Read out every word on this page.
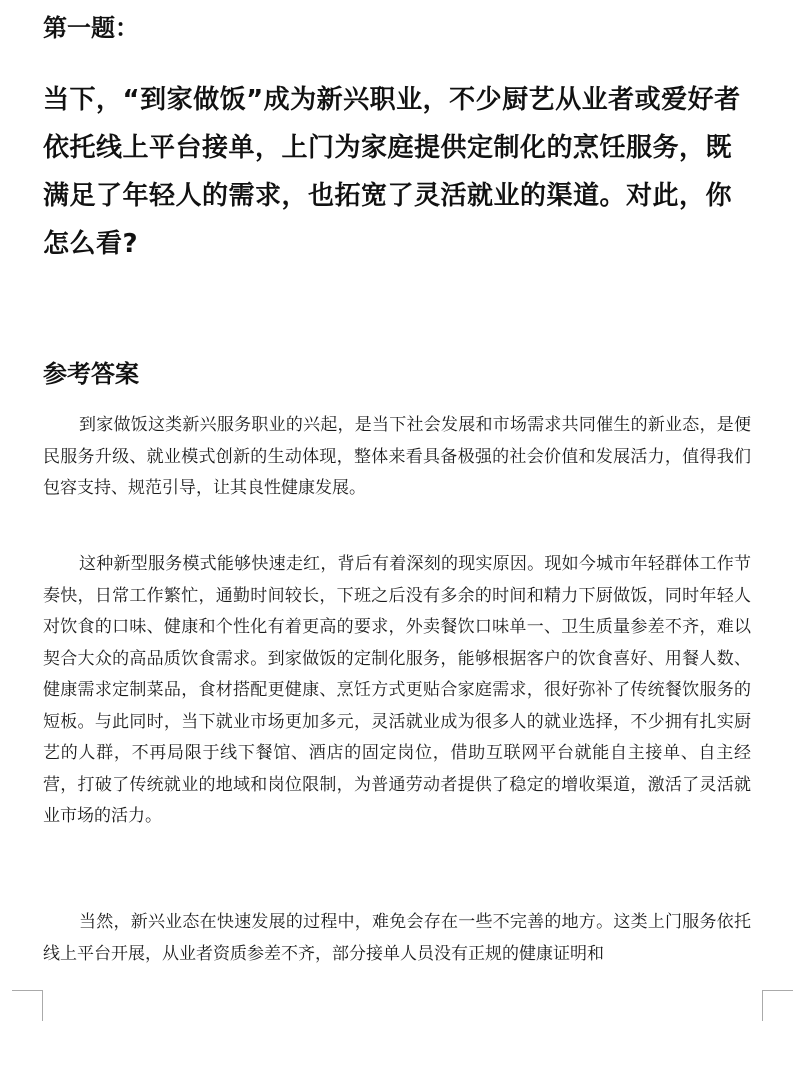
第一题：

当下，“到家做饭”成为新兴职业，不少厨艺从业者或爱好者依托线上平台接单，上门为家庭提供定制化的烹饪服务，既满足了年轻人的需求，也拓宽了灵活就业的渠道。对此，你怎么看?

参考答案

到家做饭这类新兴服务职业的兴起，是当下社会发展和市场需求共同催生的新业态，是便民服务升级、就业模式创新的生动体现，整体来看具备极强的社会价值和发展活力，值得我们包容支持、规范引导，让其良性健康发展。

这种新型服务模式能够快速走红，背后有着深刻的现实原因。现如今城市年轻群体工作节奏快，日常工作繁忙，通勤时间较长，下班之后没有多余的时间和精力下厨做饭，同时年轻人对饮食的口味、健康和个性化有着更高的要求，外卖餐饮口味单一、卫生质量参差不齐，难以契合大众的高品质饮食需求。到家做饭的定制化服务，能够根据客户的饮食喜好、用餐人数、健康需求定制菜品，食材搭配更健康、烹饪方式更贴合家庭需求，很好弥补了传统餐饮服务的短板。与此同时，当下就业市场更加多元，灵活就业成为很多人的就业选择，不少拥有扎实厨艺的人群，不再局限于线下餐馆、酒店的固定岗位，借助互联网平台就能自主接单、自主经营，打破了传统就业的地域和岗位限制，为普通劳动者提供了稳定的增收渠道，激活了灵活就业市场的活力。

当然，新兴业态在快速发展的过程中，难免会存在一些不完善的地方。这类上门服务依托线上平台开展，从业者资质参差不齐，部分接单人员没有正规的健康证明和
